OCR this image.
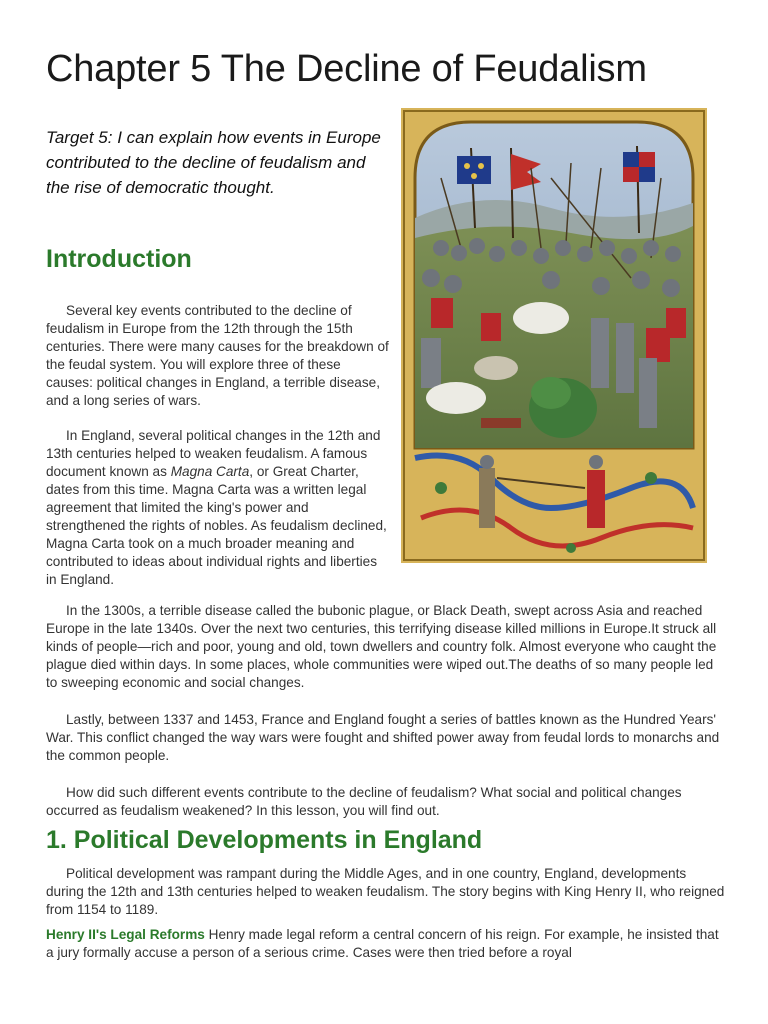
Chapter 5 The Decline of Feudalism

Target 5: I can explain how events in Europe contributed to the decline of feudalism and the rise of democratic thought.

Introduction

Several key events contributed to the decline of feudalism in Europe from the 12th through the 15th centuries. There were many causes for the breakdown of the feudal system. You will explore three of these causes: political changes in England, a terrible disease, and a long series of wars.

In England, several political changes in the 12th and 13th centuries helped to weaken feudalism. A famous document known as Magna Carta, or Great Charter, dates from this time. Magna Carta was a written legal agreement that limited the king's power and strengthened the rights of nobles. As feudalism declined, Magna Carta took on a much broader meaning and contributed to ideas about individual rights and liberties in England.

In the 1300s, a terrible disease called the bubonic plague, or Black Death, swept across Asia and reached Europe in the late 1340s. Over the next two centuries, this terrifying disease killed millions in Europe.It struck all kinds of people—rich and poor, young and old, town dwellers and country folk. Almost everyone who caught the plague died within days. In some places, whole communities were wiped out.The deaths of so many people led to sweeping economic and social changes.

Lastly, between 1337 and 1453, France and England fought a series of battles known as the Hundred Years' War. This conflict changed the way wars were fought and shifted power away from feudal lords to monarchs and the common people.

How did such different events contribute to the decline of feudalism? What social and political changes occurred as feudalism weakened? In this lesson, you will find out.

1. Political Developments in England

Political development was rampant during the Middle Ages, and in one country, England, developments during the 12th and 13th centuries helped to weaken feudalism. The story begins with King Henry II, who reigned from 1154 to 1189.

Henry II's Legal Reforms Henry made legal reform a central concern of his reign. For example, he insisted that a jury formally accuse a person of a serious crime. Cases were then tried before a royal
